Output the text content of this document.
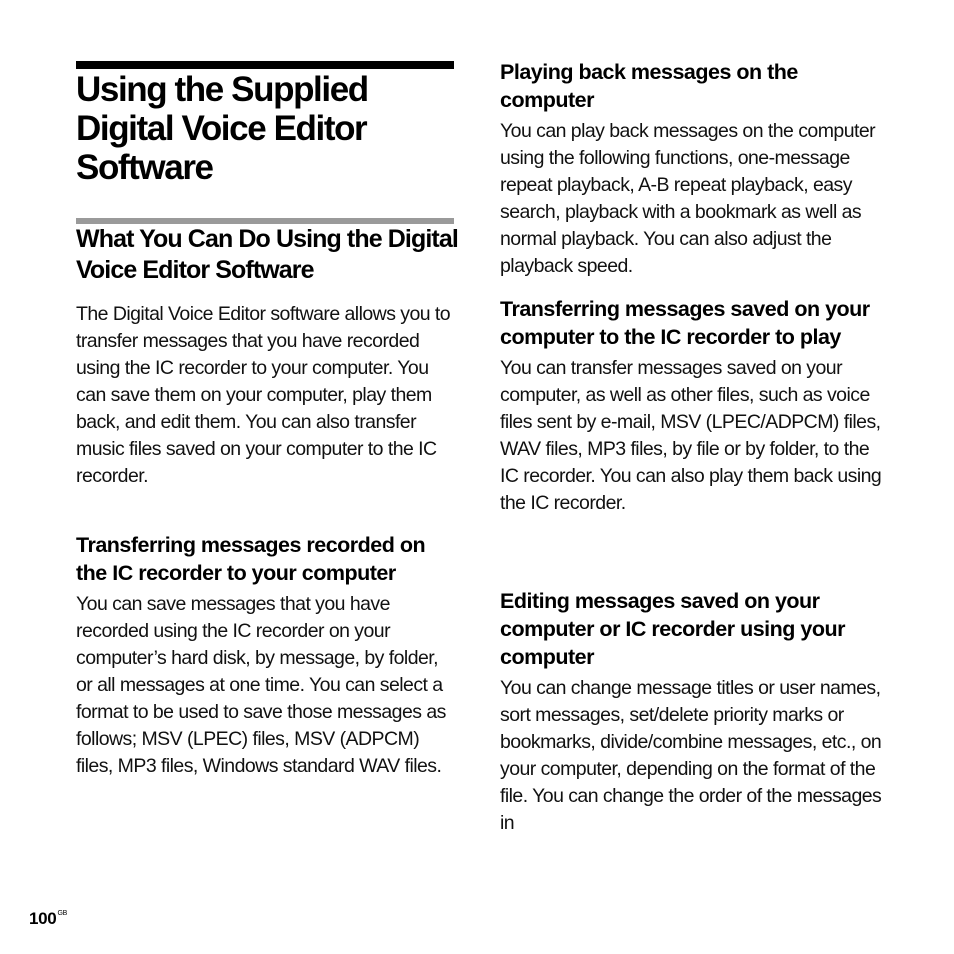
Using the Supplied Digital Voice Editor Software
What You Can Do Using the Digital Voice Editor Software

The Digital Voice Editor software allows you to transfer messages that you have recorded using the IC recorder to your computer. You can save them on your computer, play them back, and edit them. You can also transfer music files saved on your computer to the IC recorder.

Transferring messages recorded on the IC recorder to your computer

You can save messages that you have recorded using the IC recorder on your computer’s hard disk, by message, by folder, or all messages at one time. You can select a format to be used to save those messages as follows; MSV (LPEC) files, MSV (ADPCM) files, MP3 files, Windows standard WAV files.

Playing back messages on the computer

You can play back messages on the computer using the following functions, one-message repeat playback, A-B repeat playback, easy search, playback with a bookmark as well as normal playback. You can also adjust the playback speed.

Transferring messages saved on your computer to the IC recorder to play

You can transfer messages saved on your computer, as well as other files, such as voice files sent by e-mail, MSV (LPEC/ADPCM) files, WAV files, MP3 files, by file or by folder, to the IC recorder. You can also play them back using the IC recorder.

Editing messages saved on your computer or IC recorder using your computer

You can change message titles or user names, sort messages, set/delete priority marks or bookmarks, divide/combine messages, etc., on your computer, depending on the format of the file. You can change the order of the messages in

$100^{GB}$
